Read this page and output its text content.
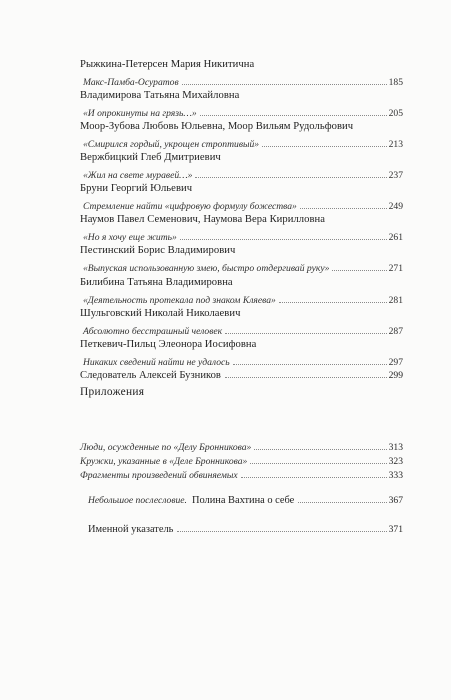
Рыжкина-Петерсен Мария Никитична
Макс-Памба-Осуратов	185
Владимирова Татьяна Михайловна
«И опрокинуты на грязь…»	205
Моор-Зубова Любовь Юльевна, Моор Вильям Рудольфович
«Смирился гордый, укрощен строптивый»	213
Вержбицкий Глеб Дмитриевич
«Жил на свете муравей…»	237
Бруни Георгий Юльевич
Стремление найти «цифровую формулу божества»	249
Наумов Павел Семенович, Наумова Вера Кирилловна
«Но я хочу еще жить»	261
Пестинский Борис Владимирович
«Выпуская использованную змею, быстро отдергивай руку»	271
Билибина Татьяна Владимировна
«Деятельность протекала под знаком Кляева»	281
Шульговский Николай Николаевич
Абсолютно бесстрашный человек	287
Петкевич-Пильц Элеонора Иосифовна
Никаких сведений найти не удалось	297
Следователь Алексей Бузников	299
Приложения
Люди, осужденные по «Делу Бронникова»	313
Кружки, указанные в «Деле Бронникова»	323
Фрагменты произведений обвиняемых	333
Небольшое послесловие. Полина Вахтина о себе	367
Именной указатель	371
